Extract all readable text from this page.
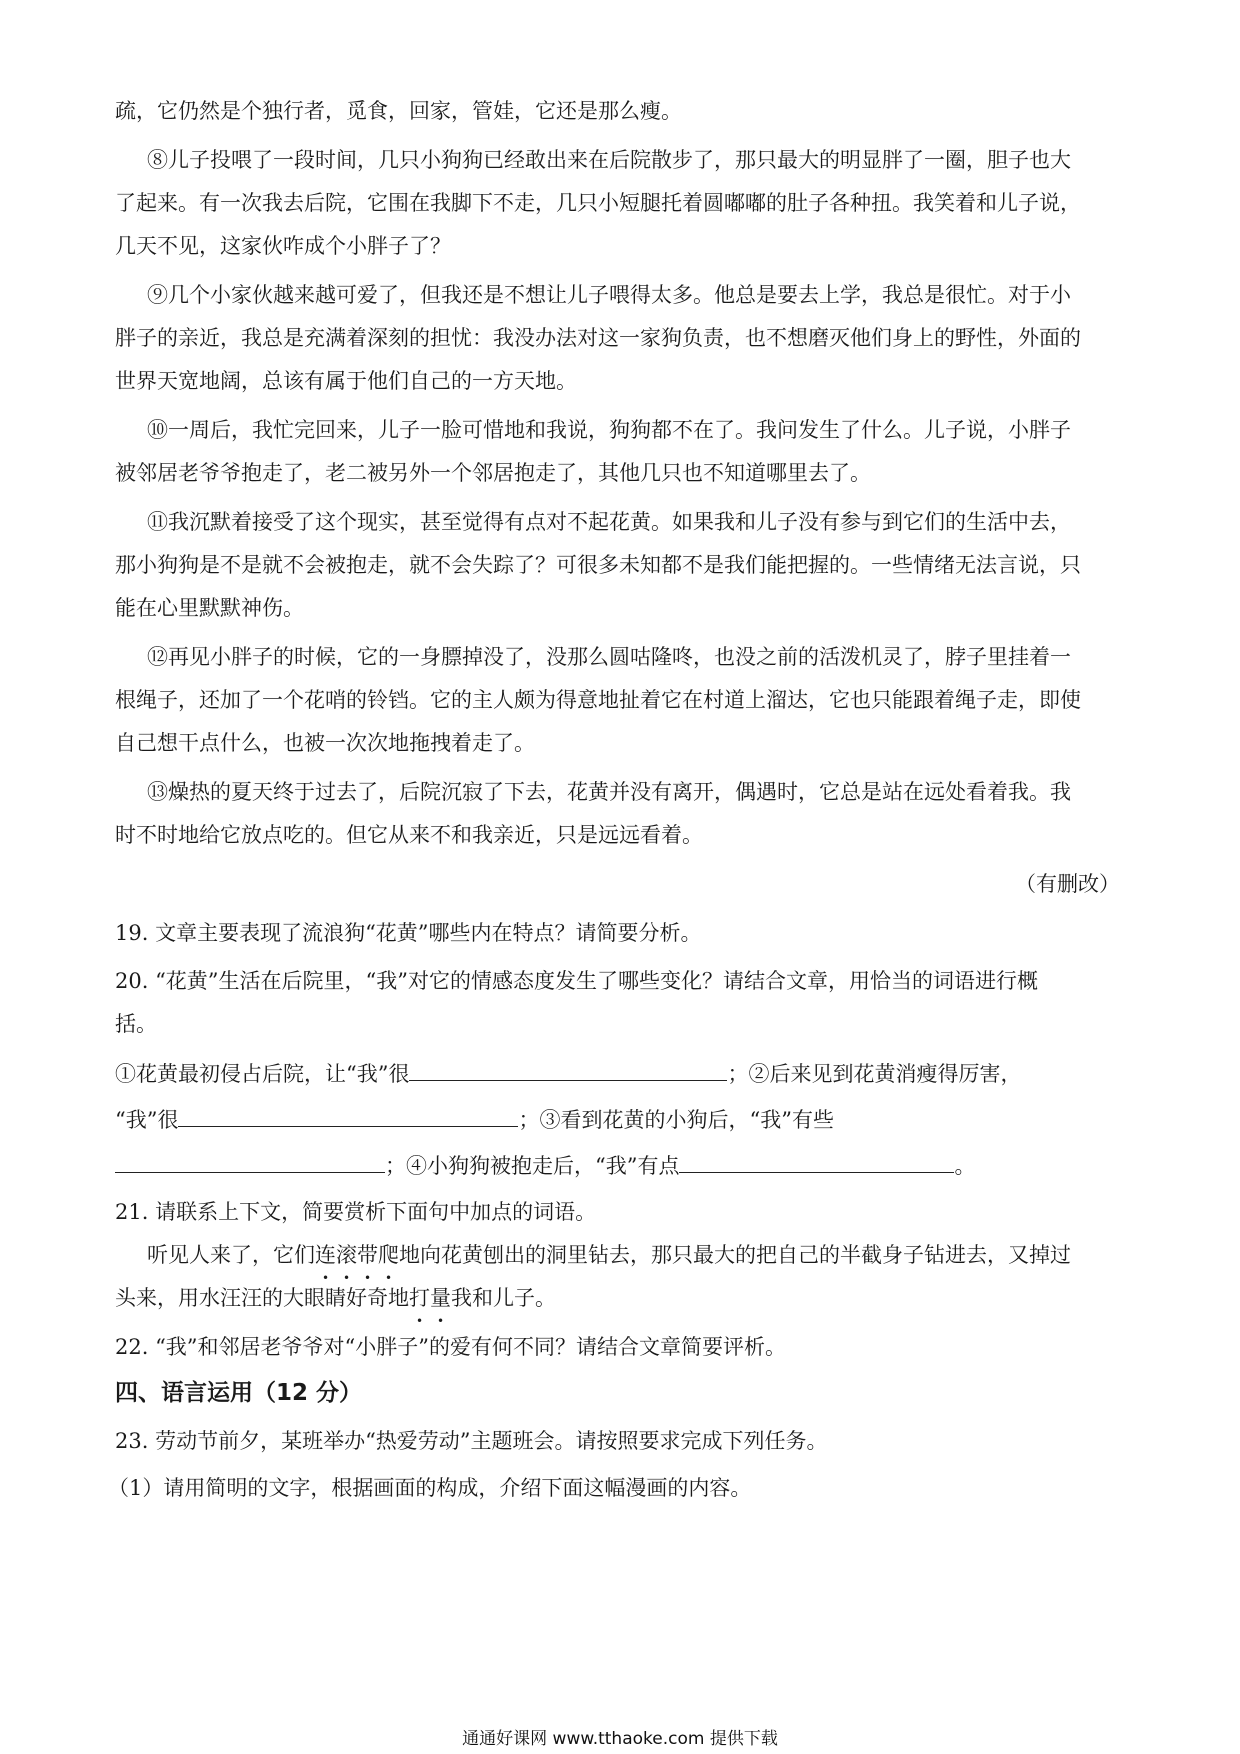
疏，它仍然是个独行者，觅食，回家，管娃，它还是那么瘦。
⑧儿子投喂了一段时间，几只小狗狗已经敢出来在后院散步了，那只最大的明显胖了一圈，胆子也大
了起来。有一次我去后院，它围在我脚下不走，几只小短腿托着圆嘟嘟的肚子各种扭。我笑着和儿子说，
几天不见，这家伙咋成个小胖子了？
⑨几个小家伙越来越可爱了，但我还是不想让儿子喂得太多。他总是要去上学，我总是很忙。对于小
胖子的亲近，我总是充满着深刻的担忧：我没办法对这一家狗负责，也不想磨灭他们身上的野性，外面的
世界天宽地阔，总该有属于他们自己的一方天地。
⑩一周后，我忙完回来，儿子一脸可惜地和我说，狗狗都不在了。我问发生了什么。儿子说，小胖子
被邻居老爷爷抱走了，老二被另外一个邻居抱走了，其他几只也不知道哪里去了。
⑪我沉默着接受了这个现实，甚至觉得有点对不起花黄。如果我和儿子没有参与到它们的生活中去，
那小狗狗是不是就不会被抱走，就不会失踪了？可很多未知都不是我们能把握的。一些情绪无法言说，只
能在心里默默神伤。
⑫再见小胖子的时候，它的一身膘掉没了，没那么圆咕隆咚，也没之前的活泼机灵了，脖子里挂着一
根绳子，还加了一个花哨的铃铛。它的主人颇为得意地扯着它在村道上溜达，它也只能跟着绳子走，即使
自己想干点什么，也被一次次地拖拽着走了。
⑬燥热的夏天终于过去了，后院沉寂了下去，花黄并没有离开，偶遇时，它总是站在远处看着我。我
时不时地给它放点吃的。但它从来不和我亲近，只是远远看着。
（有删改）
19. 文章主要表现了流浪狗“花黄”哪些内在特点？请简要分析。
20. “花黄”生活在后院里，“我”对它的情感态度发生了哪些变化？请结合文章，用恰当的词语进行概
括。
①花黄最初侵占后院，让“我”很	；②后来见到花黄消瘦得厉害，
“我”很	；③看到花黄的小狗后，“我”有些
；④小狗狗被抱走后，“我”有点	。
21. 请联系上下文，简要赏析下面句中加点的词语。
听见人来了，它们连滚带爬地向花黄刨出的洞里钻去，那只最大的把自己的半截身子钻进去，又掉过
头来，用水汪汪的大眼睛好奇地打量我和儿子。
22. “我”和邻居老爷爷对“小胖子”的爱有何不同？请结合文章简要评析。
四、语言运用（12 分）
23. 劳动节前夕，某班举办“热爱劳动”主题班会。请按照要求完成下列任务。
（1）请用简明的文字，根据画面的构成，介绍下面这幅漫画的内容。
通通好课网 www.tthaoke.com 提供下载
